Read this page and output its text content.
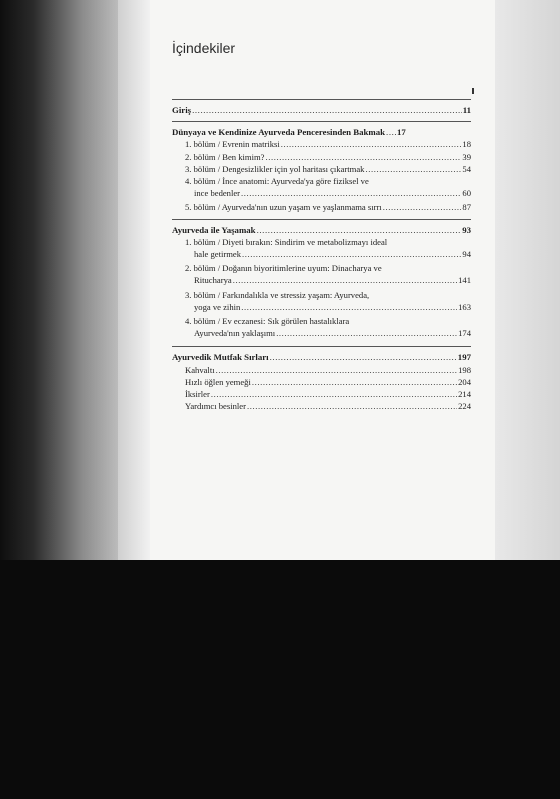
İçindekiler
Giriş .....	11
Dünyaya ve Kendinize Ayurveda Penceresinden Bakmak ..... 17
1. bölüm / Evrenin matriksi .....	18
2. bölüm / Ben kimim? .....	39
3. bölüm / Dengesizlikler için yol haritası çıkartmak .....	54
4. bölüm / İnce anatomi: Ayurveda'ya göre fiziksel ve
ince bedenler .....	60
5. bölüm / Ayurveda'nın uzun yaşam ve yaşlanmama sırrı .....	87
Ayurveda ile Yaşamak .....	93
1. bölüm / Diyeti bırakın: Sindirim ve metabolizmayı ideal
hale getirmek .....	94
2. bölüm / Doğanın biyoritimlerine uyum: Dinacharya ve
Ritucharya .....	141
3. bölüm / Farkındalıkla ve stressiz yaşam: Ayurveda,
yoga ve zihin .....	163
4. bölüm / Ev eczanesi: Sık görülen hastalıklara
Ayurveda'nın yaklaşımı .....	174
Ayurvedik Mutfak Sırları .....	197
Kahvaltı .....	198
Hızlı öğlen yemeği .....	204
İksirler .....	214
Yardımcı besinler .....	224
